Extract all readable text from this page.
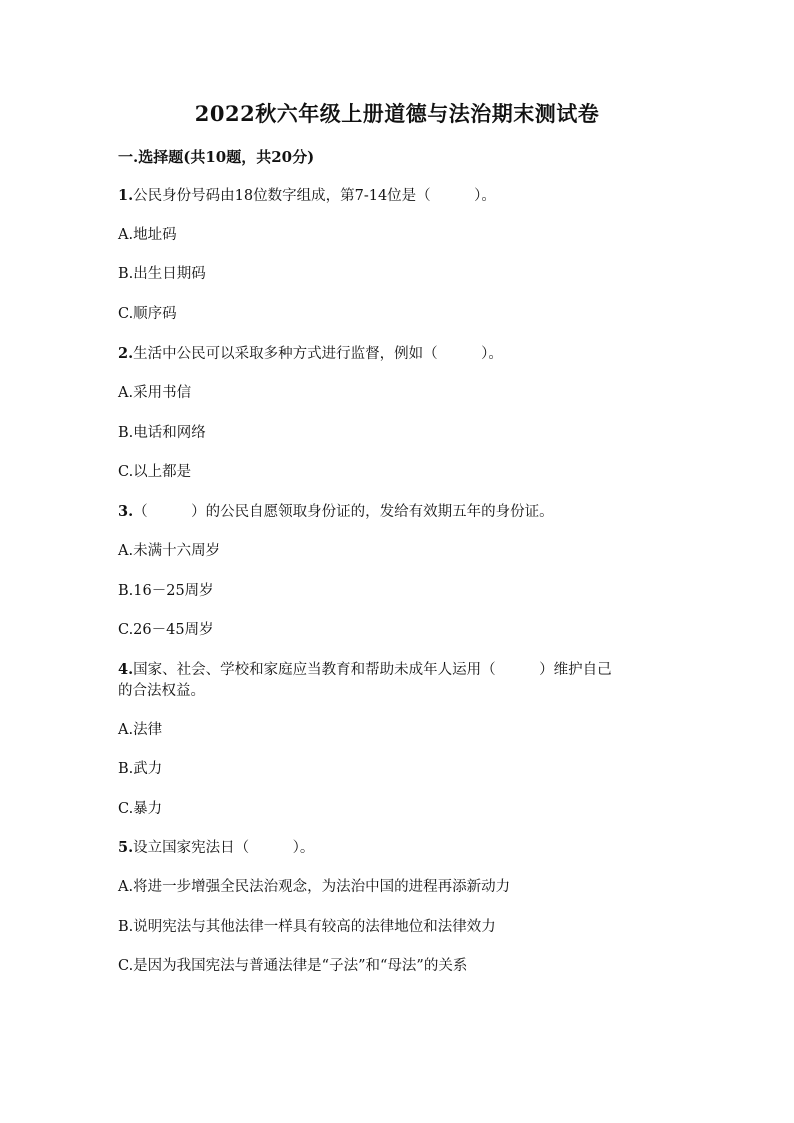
2022秋六年级上册道德与法治期末测试卷
一.选择题(共10题，共20分)
1.公民身份号码由18位数字组成，第7-14位是（　　　）。
A.地址码
B.出生日期码
C.顺序码
2.生活中公民可以采取多种方式进行监督，例如（　　　）。
A.采用书信
B.电话和网络
C.以上都是
3.（　　　）的公民自愿领取身份证的，发给有效期五年的身份证。
A.未满十六周岁
B.16－25周岁
C.26－45周岁
4.国家、社会、学校和家庭应当教育和帮助未成年人运用（　　　）维护自己
的合法权益。
A.法律
B.武力
C.暴力
5.设立国家宪法日（　　　）。
A.将进一步增强全民法治观念，为法治中国的进程再添新动力
B.说明宪法与其他法律一样具有较高的法律地位和法律效力
C.是因为我国宪法与普通法律是“子法”和“母法”的关系
